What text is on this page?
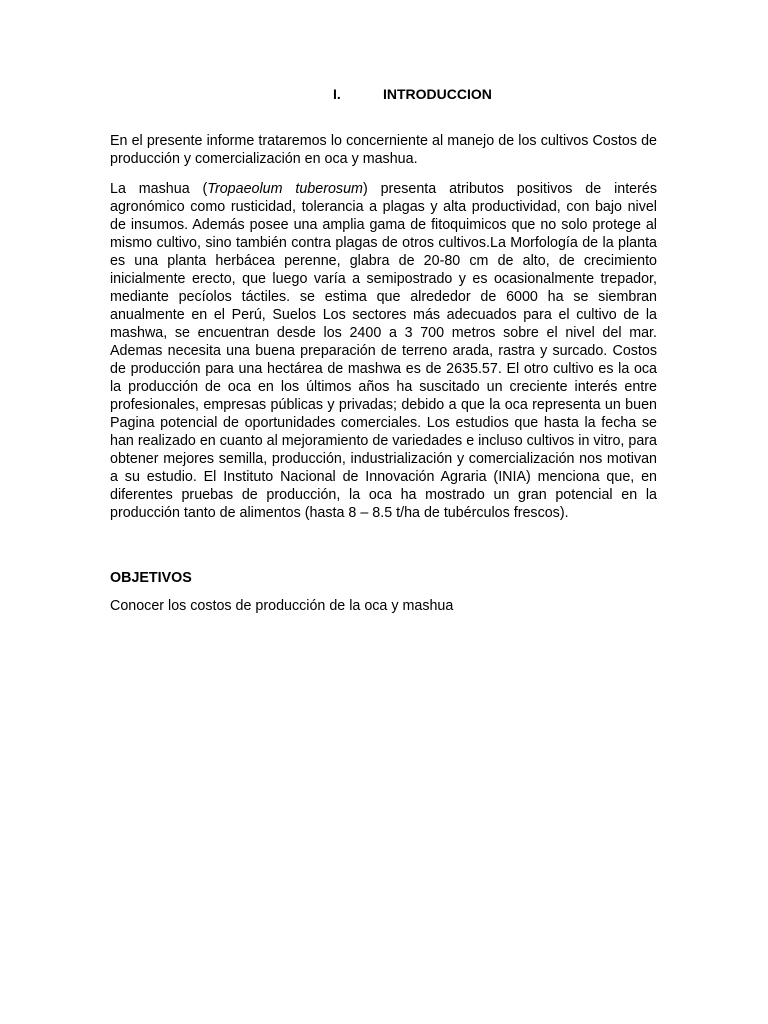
I.	INTRODUCCION

En el presente informe trataremos lo concerniente al manejo de los cultivos Costos de producción y comercialización en oca y mashua.

La mashua (Tropaeolum tuberosum) presenta atributos positivos de interés agronómico como rusticidad, tolerancia a plagas y alta productividad, con bajo nivel de insumos. Además posee una amplia gama de fitoquimicos que no solo protege al mismo cultivo, sino también contra plagas de otros cultivos.La Morfología de la planta es una planta herbácea perenne, glabra de 20-80 cm de alto, de crecimiento inicialmente erecto, que luego varía a semipostrado y es ocasionalmente trepador, mediante pecíolos táctiles. se estima que alrededor de 6000 ha se siembran anualmente en el Perú, Suelos Los sectores más adecuados para el cultivo de la mashwa, se encuentran desde los 2400 a 3 700 metros sobre el nivel del mar. Ademas necesita una buena preparación de terreno arada, rastra y surcado. Costos de producción para una hectárea de mashwa es de 2635.57. El otro cultivo es la oca la producción de oca en los últimos años ha suscitado un creciente interés entre profesionales, empresas públicas y privadas; debido a que la oca representa un buen Pagina potencial de oportunidades comerciales. Los estudios que hasta la fecha se han realizado en cuanto al mejoramiento de variedades e incluso cultivos in vitro, para obtener mejores semilla, producción, industrialización y comercialización nos motivan a su estudio. El Instituto Nacional de Innovación Agraria (INIA) menciona que, en diferentes pruebas de producción, la oca ha mostrado un gran potencial en la producción tanto de alimentos (hasta 8 – 8.5 t/ha de tubérculos frescos).

OBJETIVOS

Conocer los costos de producción de la oca y mashua
